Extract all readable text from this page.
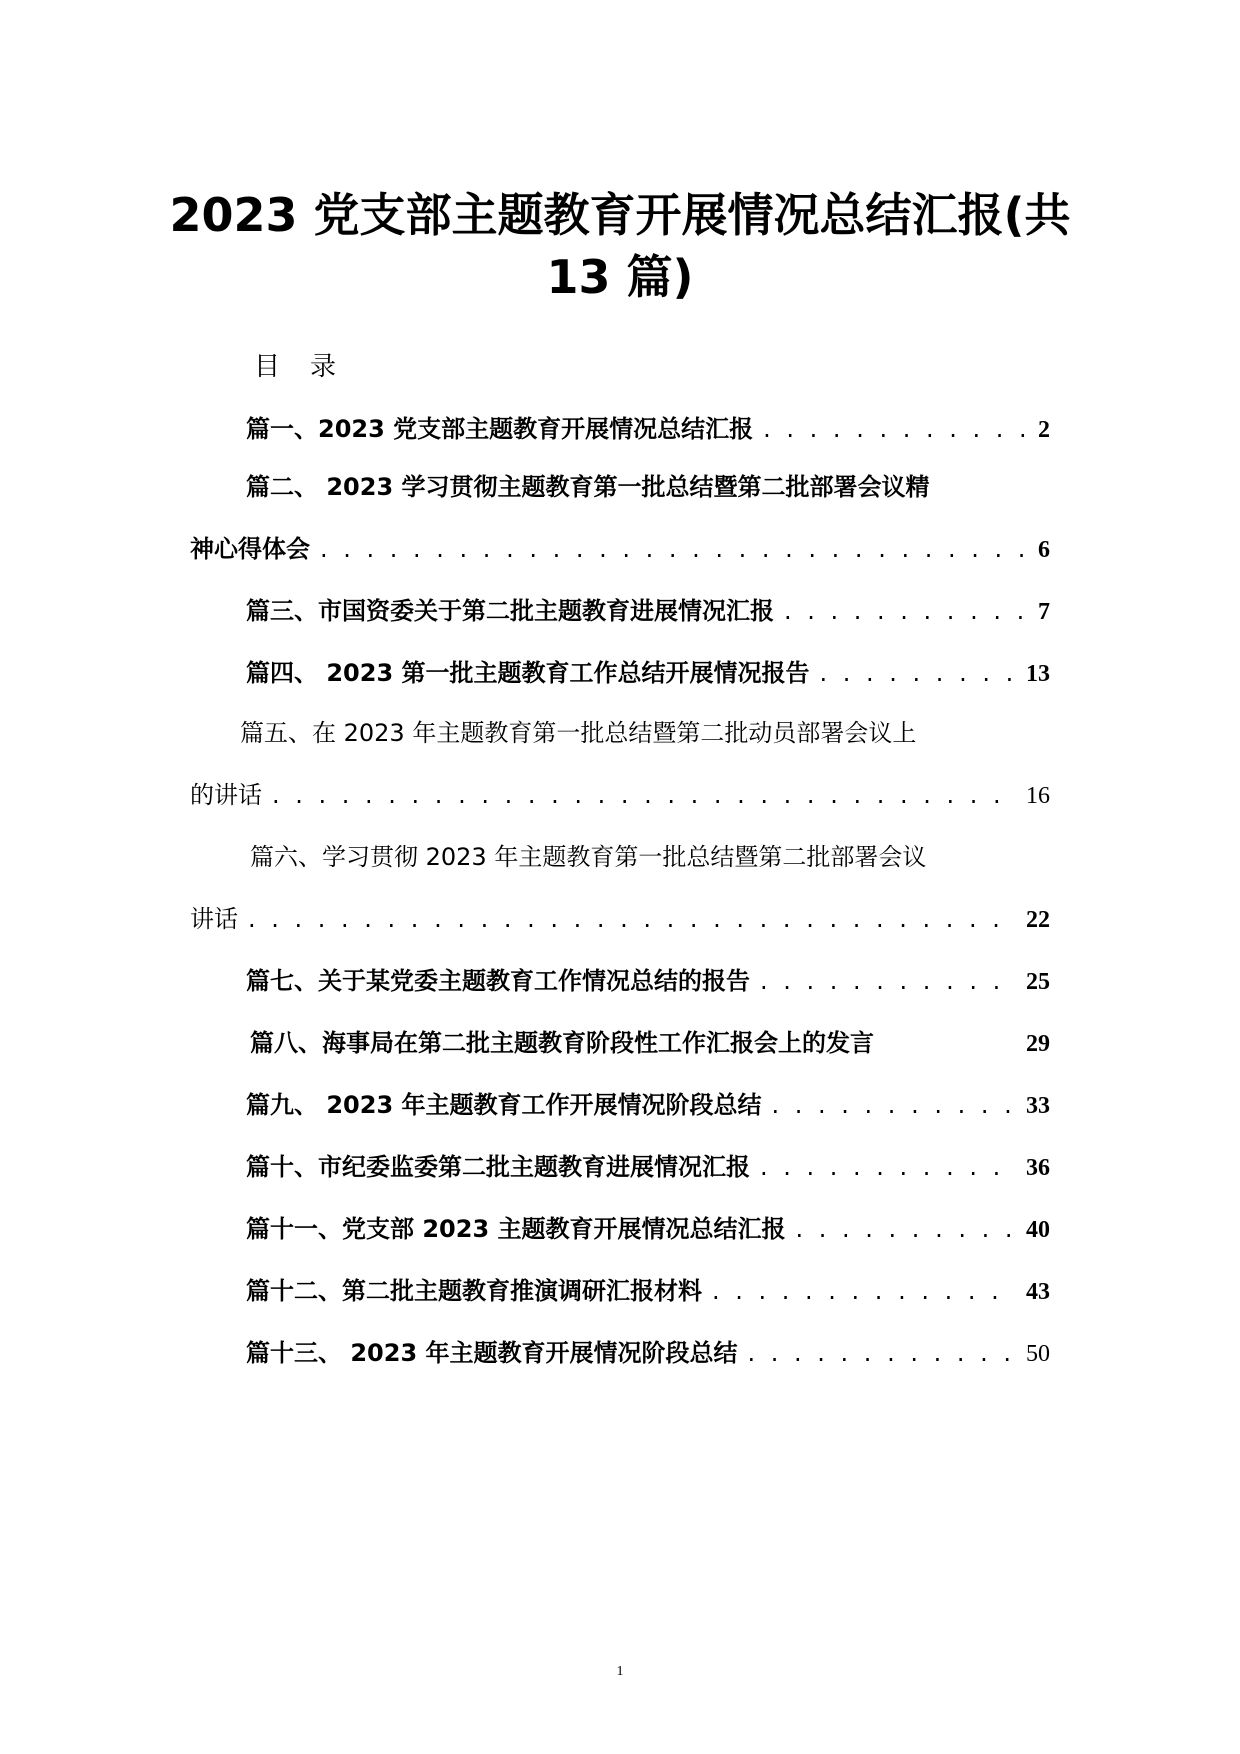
2023 党支部主题教育开展情况总结汇报(共
13 篇)
目 录
篇一、2023 党支部主题教育开展情况总结汇报 . . .	2
篇二、 2023 学习贯彻主题教育第一批总结暨第二批部署会议精
神心得体会 . . .	6
篇三、市国资委关于第二批主题教育进展情况汇报 . . .	7
篇四、 2023 第一批主题教育工作总结开展情况报告 . . .	13
篇五、在 2023 年主题教育第一批总结暨第二批动员部署会议上
的讲话 . . .	16
篇六、学习贯彻 2023 年主题教育第一批总结暨第二批部署会议
讲话 . . .	22
篇七、关于某党委主题教育工作情况总结的报告 . . .	25
篇八、海事局在第二批主题教育阶段性工作汇报会上的发言	29
篇九、 2023 年主题教育工作开展情况阶段总结 . . .	33
篇十、市纪委监委第二批主题教育进展情况汇报 . . .	36
篇十一、党支部 2023 主题教育开展情况总结汇报 . . .	40
篇十二、第二批主题教育推演调研汇报材料 . . .	43
篇十三、 2023 年主题教育开展情况阶段总结 . . .	50
1
